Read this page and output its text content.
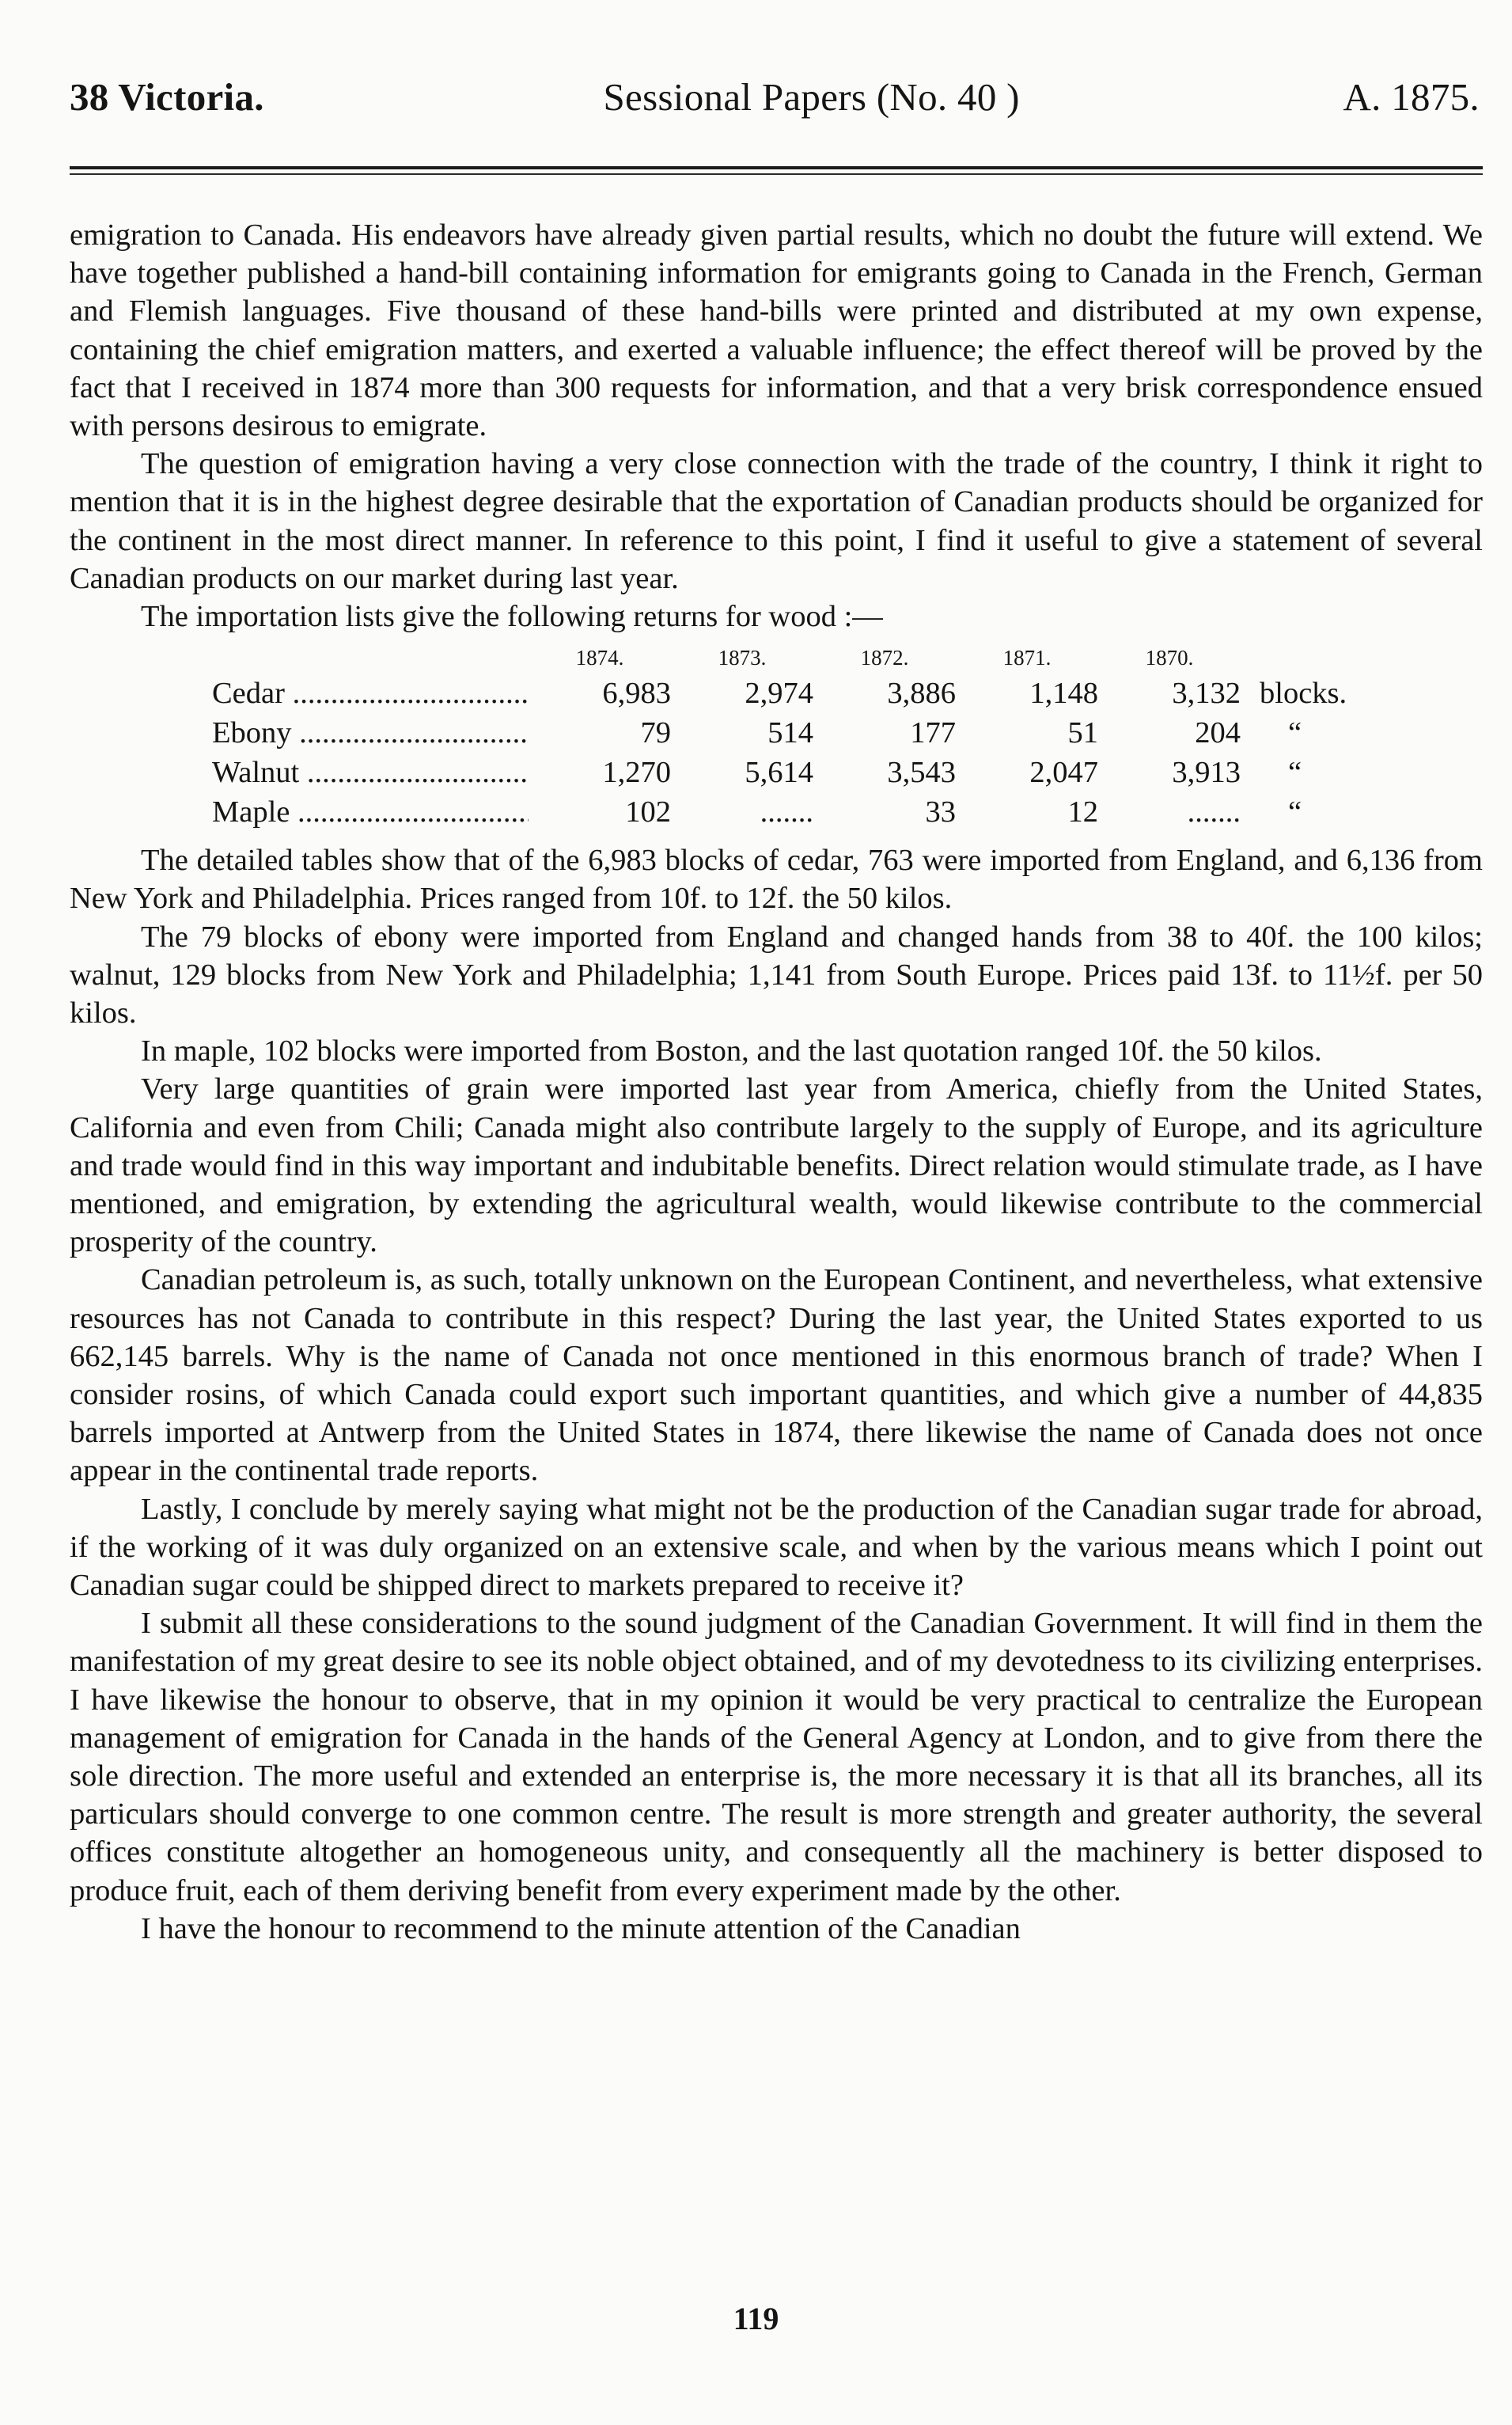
38 Victoria.	Sessional Papers (No. 40 )	A. 1875.

emigration to Canada. His endeavors have already given partial results, which no doubt the future will extend. We have together published a hand-bill containing information for emigrants going to Canada in the French, German and Flemish languages. Five thousand of these hand-bills were printed and distributed at my own expense, containing the chief emigration matters, and exerted a valuable influence; the effect thereof will be proved by the fact that I received in 1874 more than 300 requests for information, and that a very brisk correspondence ensued with persons desirous to emigrate.

The question of emigration having a very close connection with the trade of the country, I think it right to mention that it is in the highest degree desirable that the exportation of Canadian products should be organized for the continent in the most direct manner. In reference to this point, I find it useful to give a statement of several Canadian products on our market during last year.

The importation lists give the following returns for wood :—

	1874.	1873.	1872.	1871.	1870.	
Cedar .....	6,983	2,974	3,886	1,148	3,132	blocks.
Ebony .....	79	514	177	51	204	“
Walnut .....	1,270	5,614	3,543	2,047	3,913	“
Maple .....	102	.......	33	12	.......	“

The detailed tables show that of the 6,983 blocks of cedar, 763 were imported from England, and 6,136 from New York and Philadelphia. Prices ranged from 10f. to 12f. the 50 kilos.

The 79 blocks of ebony were imported from England and changed hands from 38 to 40f. the 100 kilos; walnut, 129 blocks from New York and Philadelphia; 1,141 from South Europe. Prices paid 13f. to 11½f. per 50 kilos.

In maple, 102 blocks were imported from Boston, and the last quotation ranged 10f. the 50 kilos.

Very large quantities of grain were imported last year from America, chiefly from the United States, California and even from Chili; Canada might also contribute largely to the supply of Europe, and its agriculture and trade would find in this way important and indubitable benefits. Direct relation would stimulate trade, as I have mentioned, and emigration, by extending the agricultural wealth, would likewise contribute to the commercial prosperity of the country.

Canadian petroleum is, as such, totally unknown on the European Continent, and nevertheless, what extensive resources has not Canada to contribute in this respect? During the last year, the United States exported to us 662,145 barrels. Why is the name of Canada not once mentioned in this enormous branch of trade? When I consider rosins, of which Canada could export such important quantities, and which give a number of 44,835 barrels imported at Antwerp from the United States in 1874, there likewise the name of Canada does not once appear in the continental trade reports.

Lastly, I conclude by merely saying what might not be the production of the Canadian sugar trade for abroad, if the working of it was duly organized on an extensive scale, and when by the various means which I point out Canadian sugar could be shipped direct to markets prepared to receive it?

I submit all these considerations to the sound judgment of the Canadian Government. It will find in them the manifestation of my great desire to see its noble object obtained, and of my devotedness to its civilizing enterprises. I have likewise the honour to observe, that in my opinion it would be very practical to centralize the European management of emigration for Canada in the hands of the General Agency at London, and to give from there the sole direction. The more useful and extended an enterprise is, the more necessary it is that all its branches, all its particulars should converge to one common centre. The result is more strength and greater authority, the several offices constitute altogether an homogeneous unity, and consequently all the machinery is better disposed to produce fruit, each of them deriving benefit from every experiment made by the other.

I have the honour to recommend to the minute attention of the Canadian

119
